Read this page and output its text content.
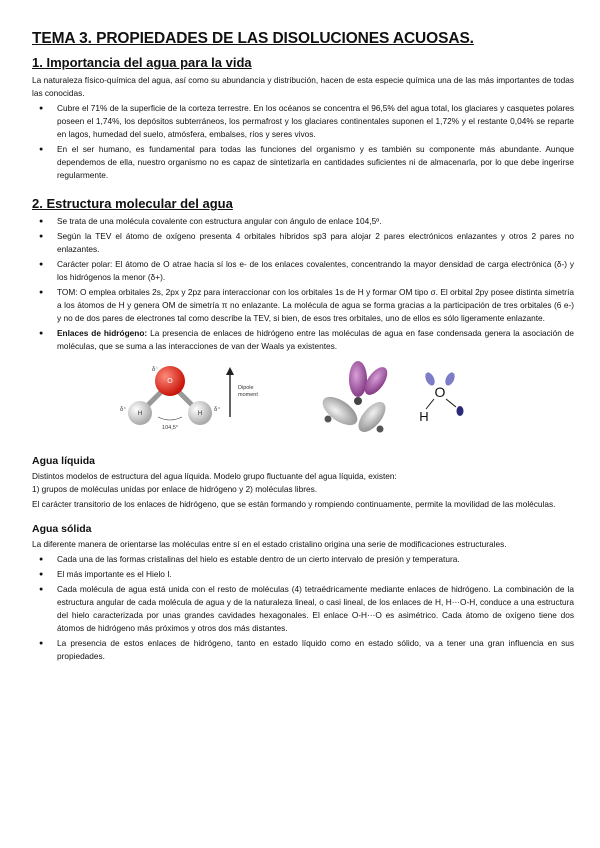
TEMA 3. PROPIEDADES DE LAS DISOLUCIONES ACUOSAS.
1. Importancia del agua para la vida

La naturaleza físico-química del agua, así como su abundancia y distribución, hacen de esta especie química una de las más importantes de todas las conocidas.

● Cubre el 71% de la superficie de la corteza terrestre. En los océanos se concentra el 96,5% del agua total, los glaciares y casquetes polares poseen el 1,74%, los depósitos subterráneos, los permafrost y los glaciares continentales suponen el 1,72% y el restante 0,04% se reparte en lagos, humedad del suelo, atmósfera, embalses, ríos y seres vivos.
● En el ser humano, es fundamental para todas las funciones del organismo y es también su componente más abundante. Aunque dependemos de ella, nuestro organismo no es capaz de sintetizarla en cantidades suficientes ni de almacenarla, por lo que debe ingerirse regularmente.
2. Estructura molecular del agua
● Se trata de una molécula covalente con estructura angular con ángulo de enlace 104,5º.
● Según la TEV el átomo de oxígeno presenta 4 orbitales híbridos sp3 para alojar 2 pares electrónicos enlazantes y otros 2 pares no enlazantes.
● Carácter polar: El átomo de O atrae hacia sí los e- de los enlaces covalentes, concentrando la mayor densidad de carga electrónica (δ-) y los hidrógenos la menor (δ+).
● TOM: O emplea orbitales 2s, 2px y 2pz para interaccionar con los orbitales 1s de H y formar OM tipo σ. El orbital 2py posee distinta simetría a los átomos de H y genera OM de simetría π no enlazante. La molécula de agua se forma gracias a la participación de tres orbitales (6 e-) y no de dos pares de electrones tal como describe la TEV, si bien, de esos tres orbitales, uno de ellos es sólo ligeramente enlazante.
● Enlaces de hidrógeno: La presencia de enlaces de hidrógeno entre las moléculas de agua en fase condensada genera la asociación de moléculas, que se suma a las interacciones de van der Waals ya existentes.
O
H	H
δ⁻
δ⁺	δ⁺
104,5°
Dipole
moment	O
H
Agua líquida

Distintos modelos de estructura del agua líquida. Modelo grupo fluctuante del agua líquida, existen:

1) grupos de moléculas unidas por enlace de hidrógeno y 2) moléculas libres.

El carácter transitorio de los enlaces de hidrógeno, que se están formando y rompiendo continuamente, permite la movilidad de las moléculas.

Agua sólida

La diferente manera de orientarse las moléculas entre sí en el estado cristalino origina una serie de modificaciones estructurales.

● Cada una de las formas cristalinas del hielo es estable dentro de un cierto intervalo de presión y temperatura.
● El más importante es el Hielo I.
● Cada molécula de agua está unida con el resto de moléculas (4) tetraédricamente mediante enlaces de hidrógeno. La combinación de la estructura angular de cada molécula de agua y de la naturaleza lineal, o casi lineal, de los enlaces de H, H···O-H, conduce a una estructura del hielo caracterizada por unas grandes cavidades hexagonales. El enlace O-H···O es asimétrico. Cada átomo de oxígeno tiene dos átomos de hidrógeno más próximos y otros dos más distantes.
● La presencia de estos enlaces de hidrógeno, tanto en estado líquido como en estado sólido, va a tener una gran influencia en sus propiedades.
